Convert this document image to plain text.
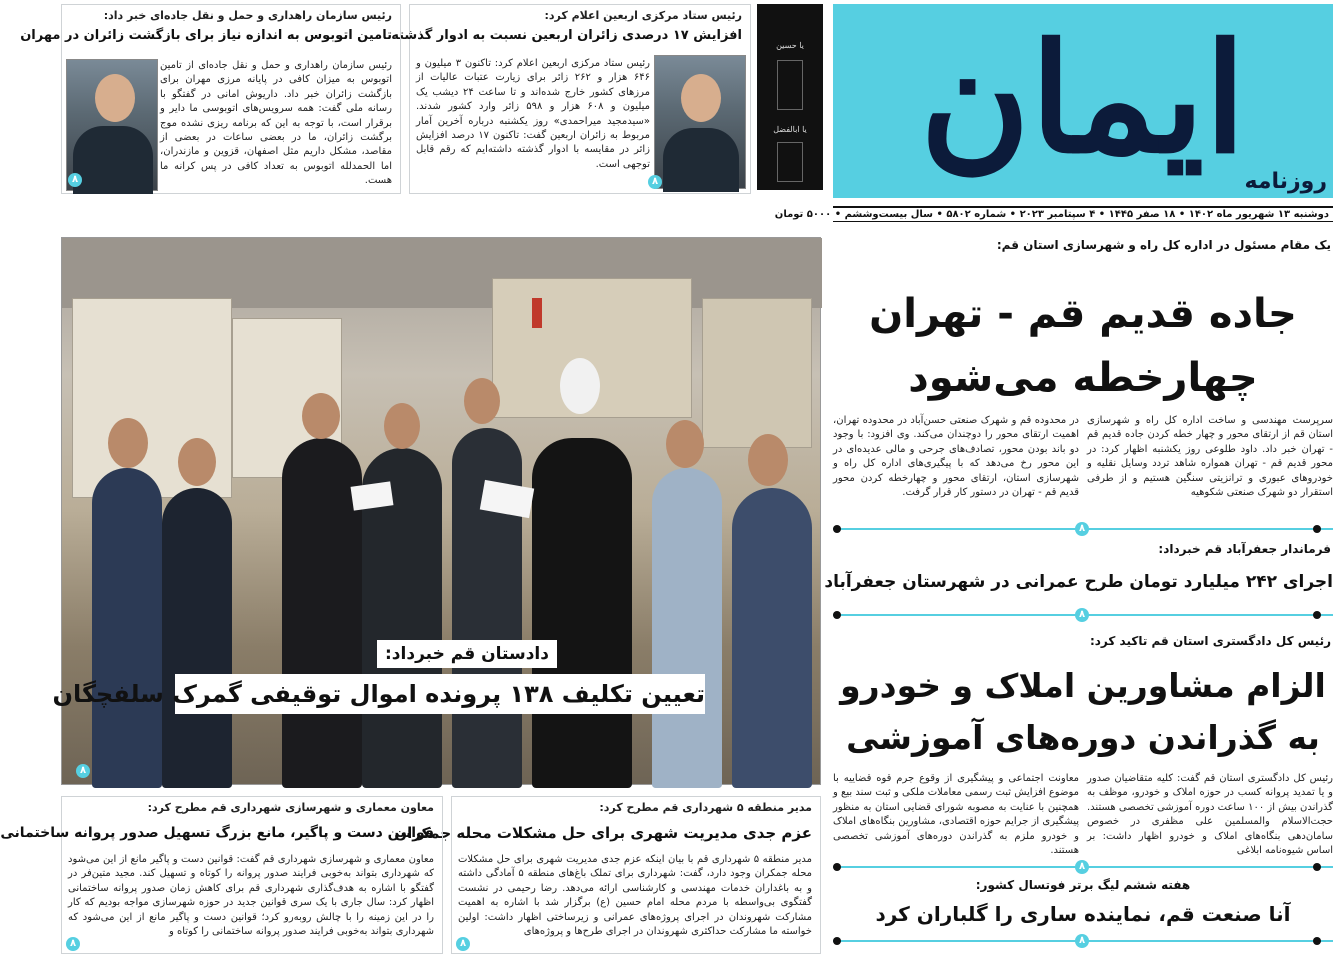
ایمان
روزنامه
دوشنبه ۱۳ شهریور ماه ۱۴۰۲ • ۱۸ صفر ۱۴۴۵ • ۴ سپتامبر ۲۰۲۳ • شماره ۵۸۰۲ • سال بیست‌وششم • ۵۰۰۰ تومان
یا حسین
یا ابالفضل
رئیس ستاد مرکزی اربعین اعلام کرد:
افزایش ۱۷ درصدی زائران اربعین نسبت به ادوار گذشته
رئیس ستاد مرکزی اربعین اعلام کرد: تاکنون ۳ میلیون و ۶۴۶ هزار و ۲۶۲ زائر برای زیارت عتبات عالیات از مرزهای کشور خارج شده‌اند و تا ساعت ۲۴ دیشب یک میلیون و ۶۰۸ هزار و ۵۹۸ زائر وارد کشور شدند. «سیدمجید میراحمدی» روز یکشنبه درباره آخرین آمار مربوط به زائران اربعین گفت: تاکنون ۱۷ درصد افزایش زائر در مقایسه با ادوار گذشته داشته‌ایم که رقم قابل توجهی است.
۸
رئیس سازمان راهداری و حمل و نقل جاده‌ای خبر داد:
تامین اتوبوس به اندازه نیاز برای بازگشت زائران در مهران
رئیس سازمان راهداری و حمل و نقل جاده‌ای از تامین اتوبوس به میزان کافی در پایانه مرزی مهران برای بازگشت زائران خبر داد. داریوش امانی در گفتگو با رسانه ملی گفت: همه سرویس‌های اتوبوسی ما دایر و برقرار است، با توجه به این که برنامه ریزی نشده موج برگشت زائران، ما در بعضی ساعات در بعضی از مقاصد، مشکل داریم مثل اصفهان، قزوین و مازندران، اما الحمدلله اتوبوس به تعداد کافی در پس کرانه ما هست.
۸
۸
دادستان قم خبرداد:
تعیین تکلیف ۱۳۸ پرونده اموال توقیفی گمرک سلفچگان
یک مقام مسئول در اداره کل راه و شهرسازی استان قم:
جاده قدیم قم - تهران
چهارخطه می‌شود
سرپرست مهندسی و ساخت اداره کل راه و شهرسازی استان قم از ارتقای محور و چهار خطه کردن جاده قدیم قم - تهران خبر داد. داود طلوعی روز یکشنبه اظهار کرد: در محور قدیم قم - تهران همواره شاهد تردد وسایل نقلیه و خودروهای عبوری و ترانزیتی سنگین هستیم و از طرفی استقرار دو شهرک صنعتی شکوهیه
در محدوده قم و شهرک صنعتی حسن‌آباد در محدوده تهران، اهمیت ارتقای محور را دوچندان می‌کند. وی افزود: با وجود دو باند بودن محور، تصادف‌های جرحی و مالی عدیده‌ای در این محور رخ می‌دهد که با پیگیری‌های اداره کل راه و شهرسازی استان، ارتقای محور و چهارخطه کردن محور قدیم قم - تهران در دستور کار قرار گرفت.
۸
فرماندار جعفرآباد قم خبرداد:
اجرای ۲۴۲ میلیارد تومان طرح عمرانی در شهرستان جعفرآباد
۸
رئیس کل دادگستری استان قم تاکید کرد:
الزام مشاورین املاک و خودرو
به گذراندن دوره‌های آموزشی
رئیس کل دادگستری استان قم گفت: کلیه متقاضیان صدور و یا تمدید پروانه کسب در حوزه املاک و خودرو، موظف به گذراندن بیش از ۱۰۰ ساعت دوره آموزشی تخصصی هستند. حجت‌الاسلام والمسلمین علی مظفری در خصوص سامان‌دهی بنگاه‌های املاک و خودرو اظهار داشت: بر اساس شیوه‌نامه ابلاغی
معاونت اجتماعی و پیشگیری از وقوع جرم قوه قضاییه با موضوع افزایش ثبت رسمی معاملات ملکی و ثبت سند بیع و همچنین با عنایت به مصوبه شورای قضایی استان به منظور پیشگیری از جرایم حوزه اقتصادی، مشاورین بنگاه‌های املاک و خودرو ملزم به گذراندن دوره‌های آموزشی تخصصی هستند.
۸
هفته ششم لیگ برتر فوتسال کشور:
آنا صنعت قم، نماینده ساری را گلباران کرد
۸
مدیر منطقه ۵ شهرداری قم مطرح کرد:
عزم جدی مدیریت شهری برای حل مشکلات محله جمکران
مدیر منطقه ۵ شهرداری قم با بیان اینکه عزم جدی مدیریت شهری برای حل مشکلات محله جمکران وجود دارد، گفت: شهرداری برای تملک باغ‌های منطقه ۵ آمادگی داشته و به باغداران خدمات مهندسی و کارشناسی ارائه می‌دهد. رضا رحیمی در نشست گفتگوی بی‌واسطه با مردم محله امام حسین (ع) برگزار شد با اشاره به اهمیت مشارکت شهروندان در اجرای پروژه‌های عمرانی و زیرساختی اظهار داشت: اولین خواسته ما مشارکت حداکثری شهروندان در اجرای طرح‌ها و پروژه‌های
۸
معاون معماری و شهرسازی شهرداری قم مطرح کرد:
قوانین دست و پاگیر، مانع بزرگ تسهیل صدور پروانه ساختمانی
معاون معماری و شهرسازی شهرداری قم گفت: قوانین دست و پاگیر مانع از این می‌شود که شهرداری بتواند به‌خوبی فرایند صدور پروانه را کوتاه و تسهیل کند. مجید متین‌فر در گفتگو با اشاره به هدف‌گذاری شهرداری قم برای کاهش زمان صدور پروانه ساختمانی اظهار کرد: سال جاری با یک سری قوانین جدید در حوزه شهرسازی مواجه بودیم که کار را در این زمینه را با چالش روبه‌رو کرد؛ قوانین دست و پاگیر مانع از این می‌شود که شهرداری بتواند به‌خوبی فرایند صدور پروانه ساختمانی را کوتاه و
۸
